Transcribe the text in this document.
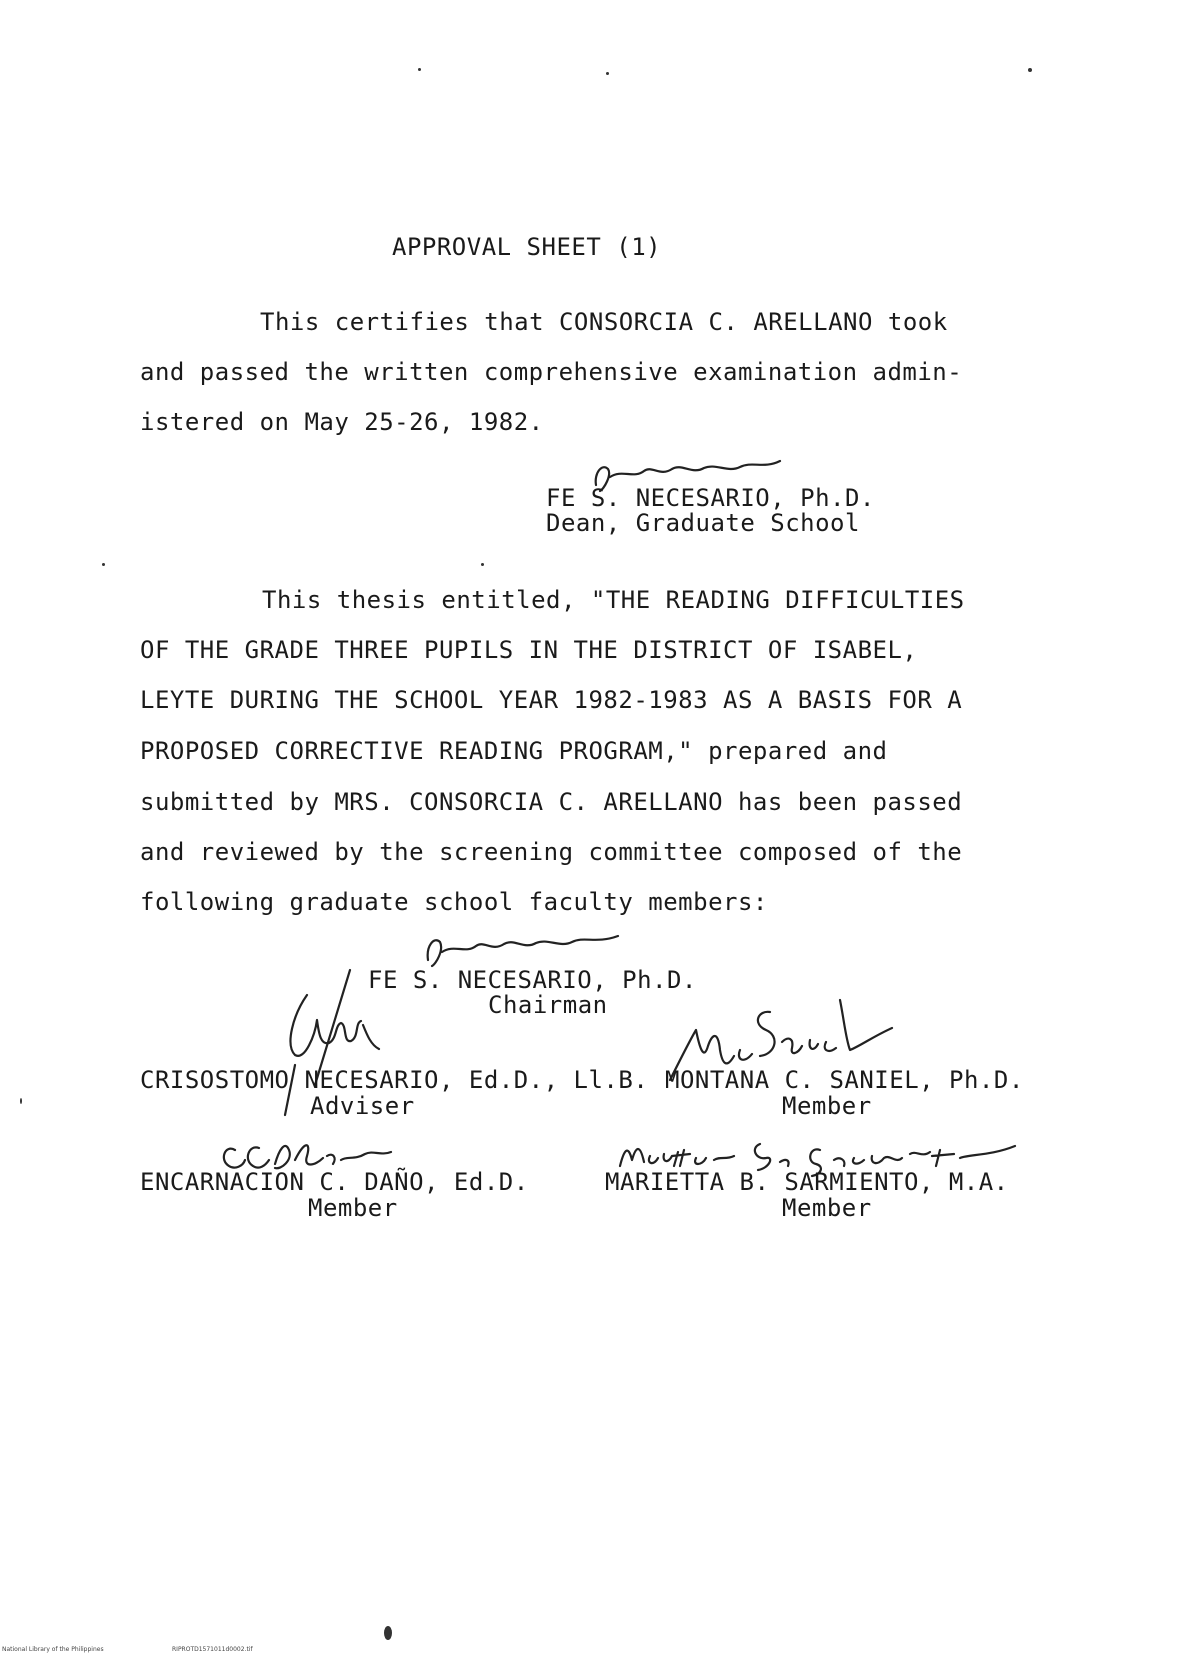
APPROVAL SHEET (1)
This certifies that CONSORCIA C. ARELLANO took
and passed the written comprehensive examination admin-
istered on May 25-26, 1982.
FE S. NECESARIO, Ph.D.
Dean, Graduate School
This thesis entitled, "THE READING DIFFICULTIES
OF THE GRADE THREE PUPILS IN THE DISTRICT OF ISABEL,
LEYTE DURING THE SCHOOL YEAR 1982-1983 AS A BASIS FOR A
PROPOSED CORRECTIVE READING PROGRAM," prepared and
submitted by MRS. CONSORCIA C. ARELLANO has been passed
and reviewed by the screening committee composed of the
following graduate school faculty members:
FE S. NECESARIO, Ph.D.
Chairman
CRISOSTOMO NECESARIO, Ed.D., Ll.B.
Adviser
MONTANA C. SANIEL, Ph.D.
Member
ENCARNACION C. DAÑO, Ed.D.
Member
MARIETTA B. SARMIENTO, M.A.
Member
National Library of the Philippines	RIPROTD1571011d0002.tif
